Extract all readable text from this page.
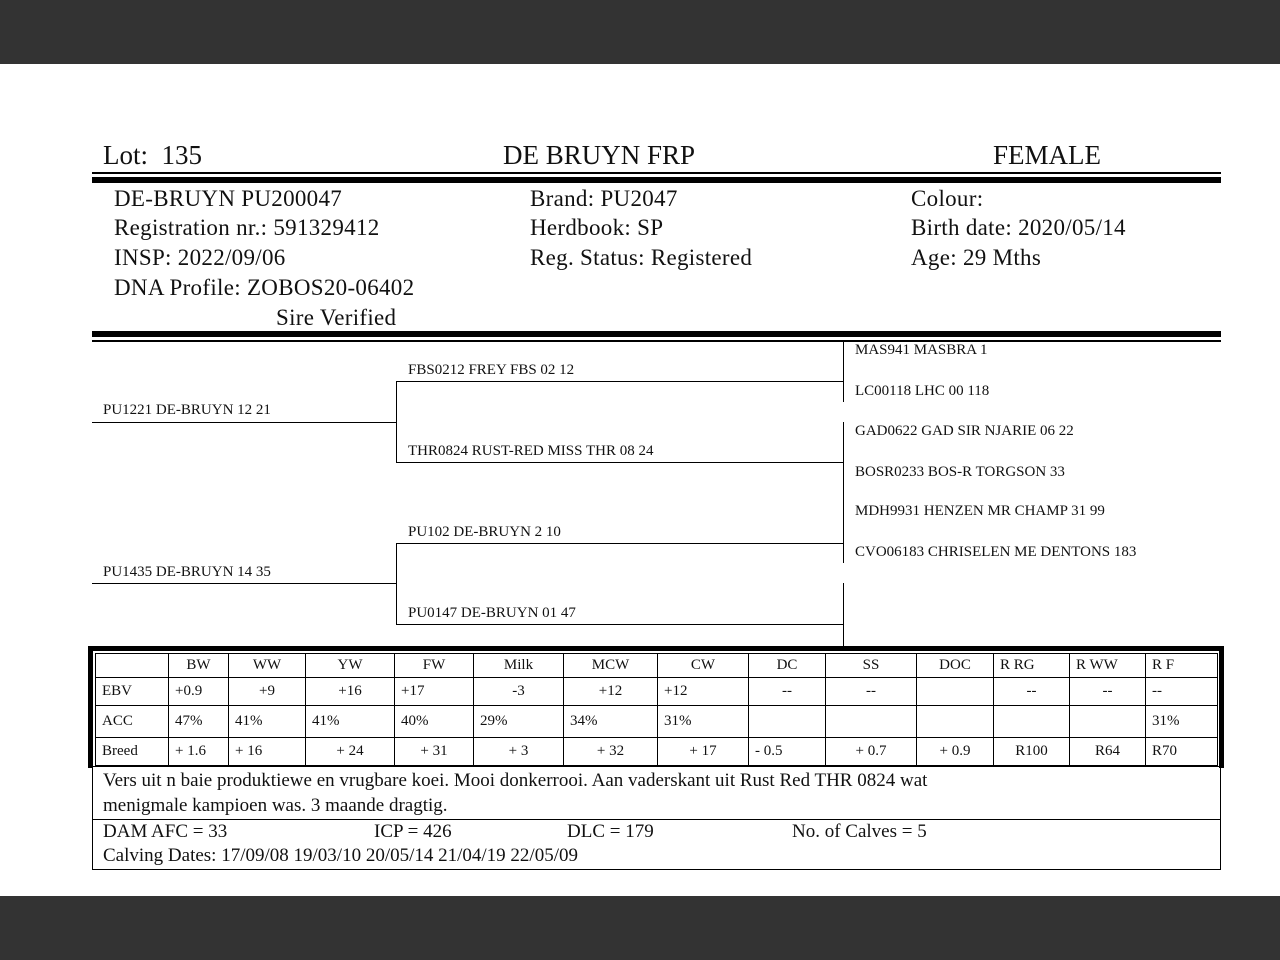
Lot: 135	DE BRUYN FRP	FEMALE
DE-BRUYN PU200047
Registration nr.: 591329412
INSP: 2022/09/06
DNA Profile: ZOBOS20-06402
Sire Verified
Brand: PU2047
Herdbook: SP
Reg. Status: Registered
Colour:
Birth date: 2020/05/14
Age: 29 Mths
PU1221 DE-BRUYN 12 21
PU1435 DE-BRUYN 14 35
FBS0212 FREY FBS 02 12
THR0824 RUST-RED MISS THR 08 24
PU102 DE-BRUYN 2 10
PU0147 DE-BRUYN 01 47
MAS941 MASBRA 1
LC00118 LHC 00 118
GAD0622 GAD SIR NJARIE 06 22
BOSR0233 BOS-R TORGSON 33
MDH9931 HENZEN MR CHAMP 31 99
CVO06183 CHRISELEN ME DENTONS 183
	BW	WW	YW	FW	Milk	MCW	CW	DC	SS	DOC	R RG	R WW	R F
EBV	+0.9	+9	+16	+17	-3	+12	+12	--	--		--	--	--
ACC	47%	41%	41%	40%	29%	34%	31%						31%
Breed	+ 1.6	+ 16	+ 24	+ 31	+ 3	+ 32	+ 17	- 0.5	+ 0.7	+ 0.9	R100	R64	R70
Vers uit n baie produktiewe en vrugbare koei. Mooi donkerrooi. Aan vaderskant uit Rust Red THR 0824 wat
menigmale kampioen was. 3 maande dragtig.
DAM AFC = 33	ICP = 426	DLC = 179	No. of Calves = 5
Calving Dates: 17/09/08 19/03/10 20/05/14 21/04/19 22/05/09
